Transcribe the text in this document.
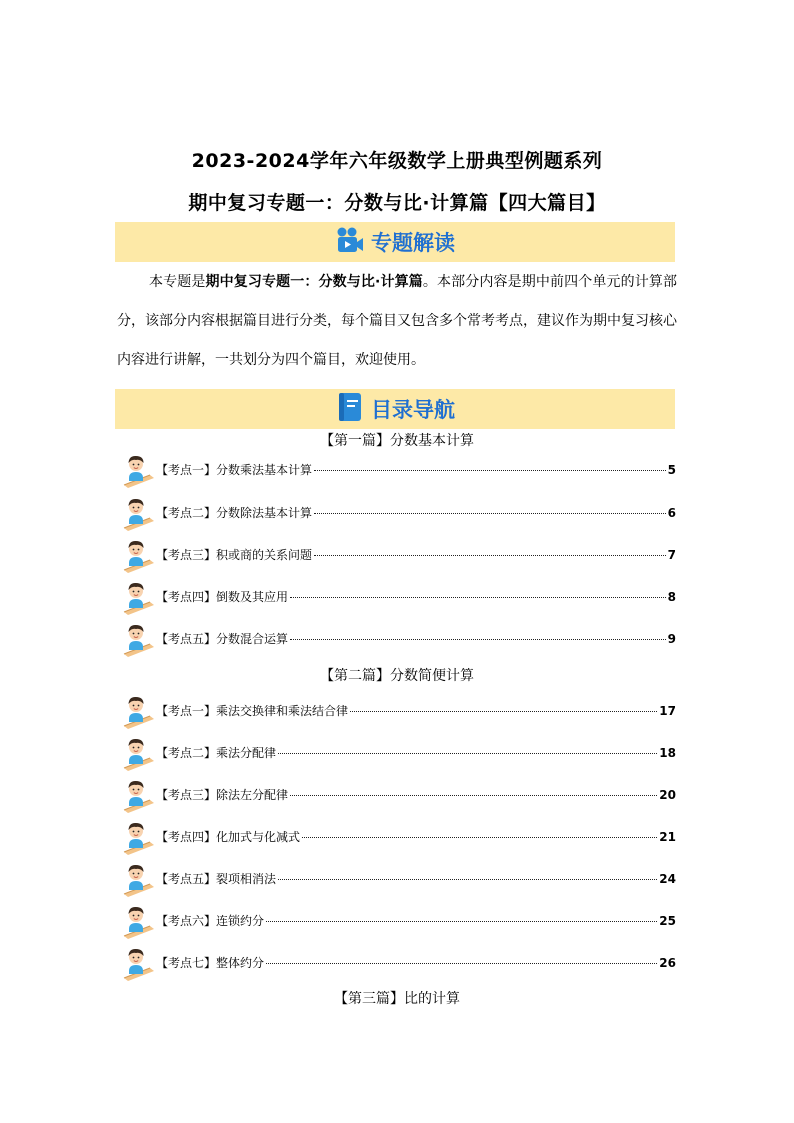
2023-2024学年六年级数学上册典型例题系列
期中复习专题一：分数与比·计算篇【四大篇目】
专题解读
本专题是期中复习专题一：分数与比·计算篇。本部分内容是期中前四个单元的计算部分，该部分内容根据篇目进行分类，每个篇目又包含多个常考考点，建议作为期中复习核心内容进行讲解，一共划分为四个篇目，欢迎使用。
目录导航
【第一篇】分数基本计算
【考点一】分数乘法基本计算	5
【考点二】分数除法基本计算	6
【考点三】积或商的关系问题	7
【考点四】倒数及其应用	8
【考点五】分数混合运算	9
【第二篇】分数简便计算
【考点一】乘法交换律和乘法结合律	17
【考点二】乘法分配律	18
【考点三】除法左分配律	20
【考点四】化加式与化减式	21
【考点五】裂项相消法	24
【考点六】连锁约分	25
【考点七】整体约分	26
【第三篇】比的计算
